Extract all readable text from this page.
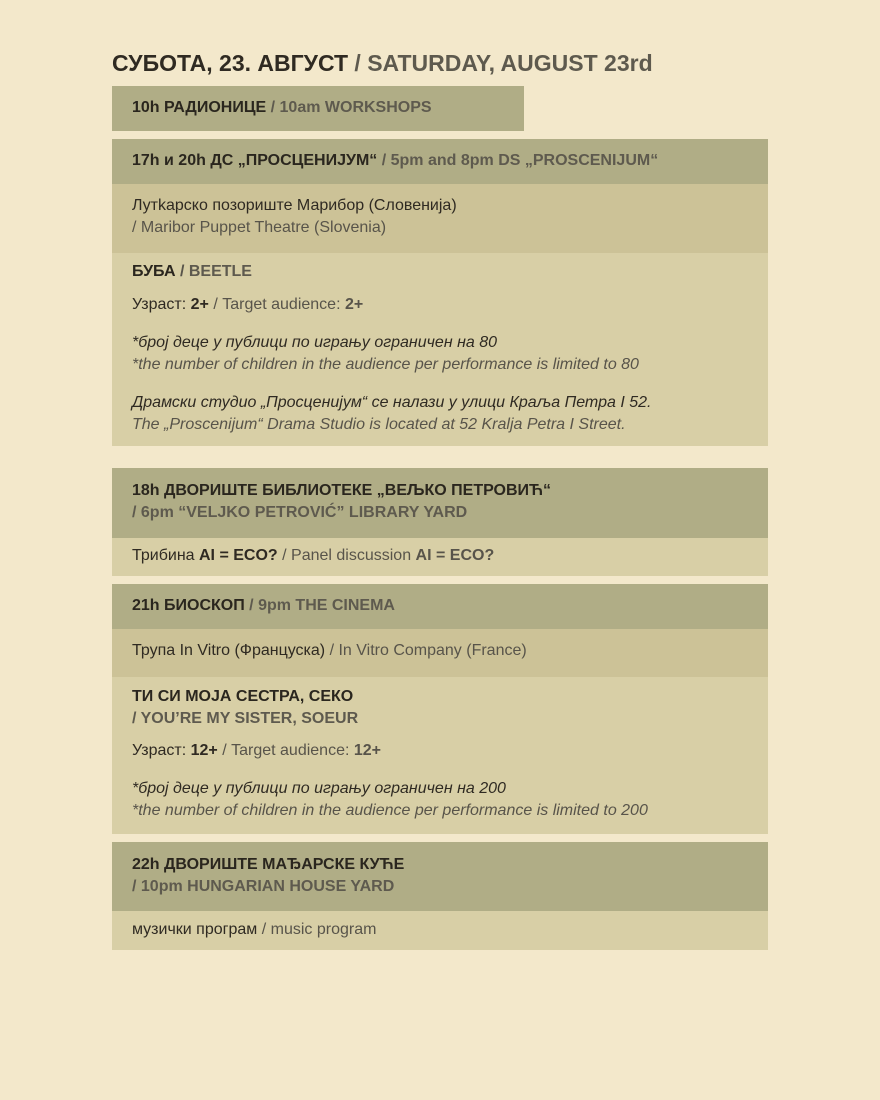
СУБОТА, 23. АВГУСТ / SATURDAY, AUGUST 23rd
10h РАДИОНИЦЕ / 10am WORKSHOPS
17h и 20h ДС „ПРОСЦЕНИЈУМ“ / 5pm and 8pm DS „PROSCENIJUM“
Лутkарско позориште Марибор (Словенија)
/ Maribor Puppet Theatre (Slovenia)
БУБА / BEETLE
Узраст: 2+ / Target audience: 2+
*број деце у публици по игрању ограничен на 80
*the number of children in the audience per performance is limited to 80
Драмски студио „Просценијум“ се налази у улици Краља Петра I 52.
The „Proscenijum“ Drama Studio is located at 52 Kralja Petra I Street.
18h ДВОРИШТЕ БИБЛИОТЕКЕ „ВЕЉКО ПЕТРОВИЋ“
/ 6pm “VELJKO PETROVIĆ” LIBRARY YARD
Трибина AI = ECO? / Panel discussion AI = ECO?
21h БИОСКОП / 9pm THE CINEMA
Трупа In Vitro (Француска) / In Vitro Company (France)
ТИ СИ МОЈА СЕСТРА, СЕКО
/ YOU’RE MY SISTER, SOEUR
Узраст: 12+ / Target audience: 12+
*број деце у публици по игрању ограничен на 200
*the number of children in the audience per performance is limited to 200
22h ДВОРИШТЕ МАЂАРСКЕ КУЋЕ
/ 10pm HUNGARIAN HOUSE YARD
музички програм / music program
